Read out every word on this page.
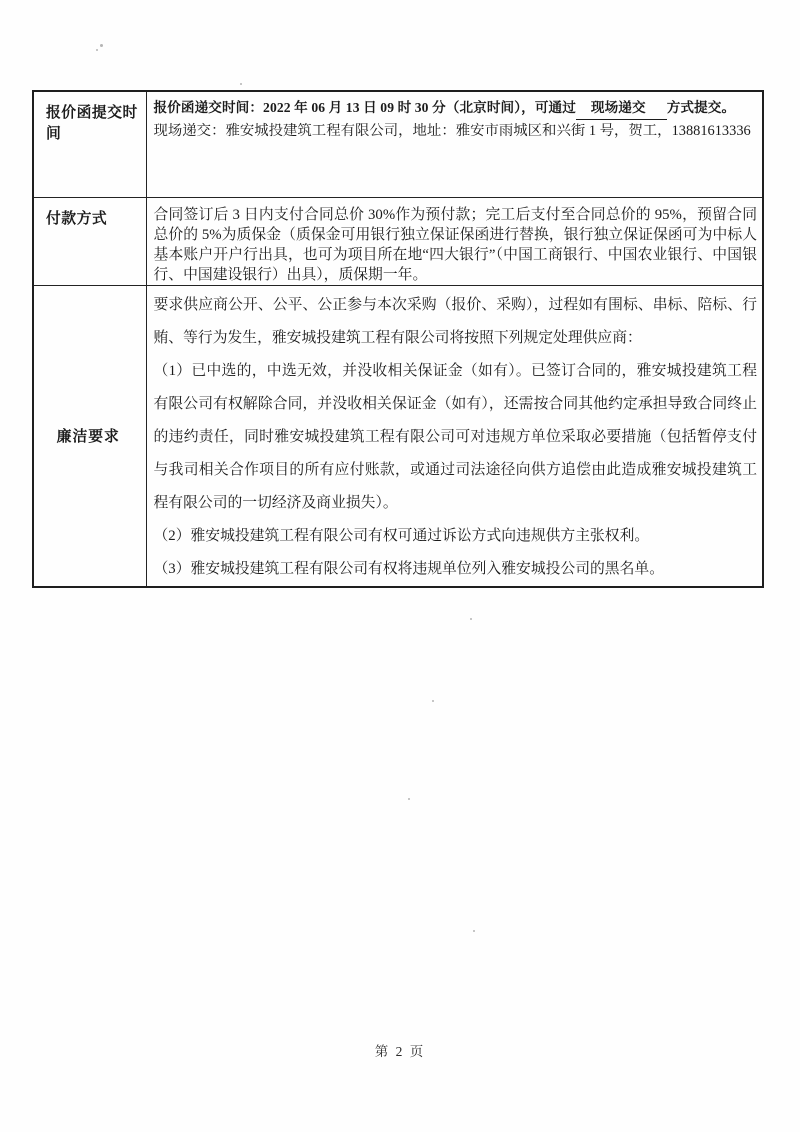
报价函提交时间	报价函递交时间：2022 年 06 月 13 日 09 时 30 分（北京时间），可通过 现场递交 方式提交。
现场递交：雅安城投建筑工程有限公司，地址：雅安市雨城区和兴街 1 号，贺工，13881613336

付款方式	合同签订后 3 日内支付合同总价 30%作为预付款；完工后支付至合同总价的 95%，预留合同总价的 5%为质保金（质保金可用银行独立保证保函进行替换，银行独立保证保函可为中标人基本账户开户行出具，也可为项目所在地“四大银行”（中国工商银行、中国农业银行、中国银行、中国建设银行）出具），质保期一年。
廉洁要求	要求供应商公开、公平、公正参与本次采购（报价、采购），过程如有围标、串标、陪标、行贿、等行为发生，雅安城投建筑工程有限公司将按照下列规定处理供应商：

（1）已中选的，中选无效，并没收相关保证金（如有）。已签订合同的，雅安城投建筑工程有限公司有权解除合同，并没收相关保证金（如有），还需按合同其他约定承担导致合同终止的违约责任，同时雅安城投建筑工程有限公司可对违规方单位采取必要措施（包括暂停支付与我司相关合作项目的所有应付账款，或通过司法途径向供方追偿由此造成雅安城投建筑工程有限公司的一切经济及商业损失）。

（2）雅安城投建筑工程有限公司有权可通过诉讼方式向违规供方主张权利。

（3）雅安城投建筑工程有限公司有权将违规单位列入雅安城投公司的黑名单。

第 2 页
